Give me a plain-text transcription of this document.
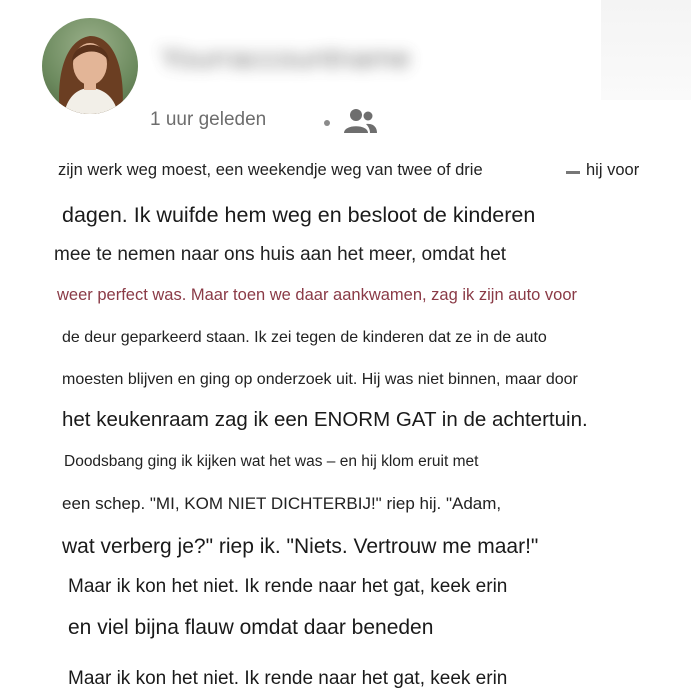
Yourraccountname
1 uur geleden
zijn werk weg moest, een weekendje weg van twee of drie	hij voor
dagen. Ik wuifde hem weg en besloot de kinderen
mee te nemen naar ons huis aan het meer, omdat het
weer perfect was. Maar toen we daar aankwamen, zag ik zijn auto voor
de deur geparkeerd staan. Ik zei tegen de kinderen dat ze in de auto
moesten blijven en ging op onderzoek uit. Hij was niet binnen, maar door
het keukenraam zag ik een ENORM GAT in de achtertuin.
Doodsbang ging ik kijken wat het was – en hij klom eruit met
een schep. "MI, KOM NIET DICHTERBIJ!" riep hij. "Adam,
wat verberg je?" riep ik. "Niets. Vertrouw me maar!"
Maar ik kon het niet. Ik rende naar het gat, keek erin
en viel bijna flauw omdat daar beneden
Maar ik kon het niet. Ik rende naar het gat, keek erin
